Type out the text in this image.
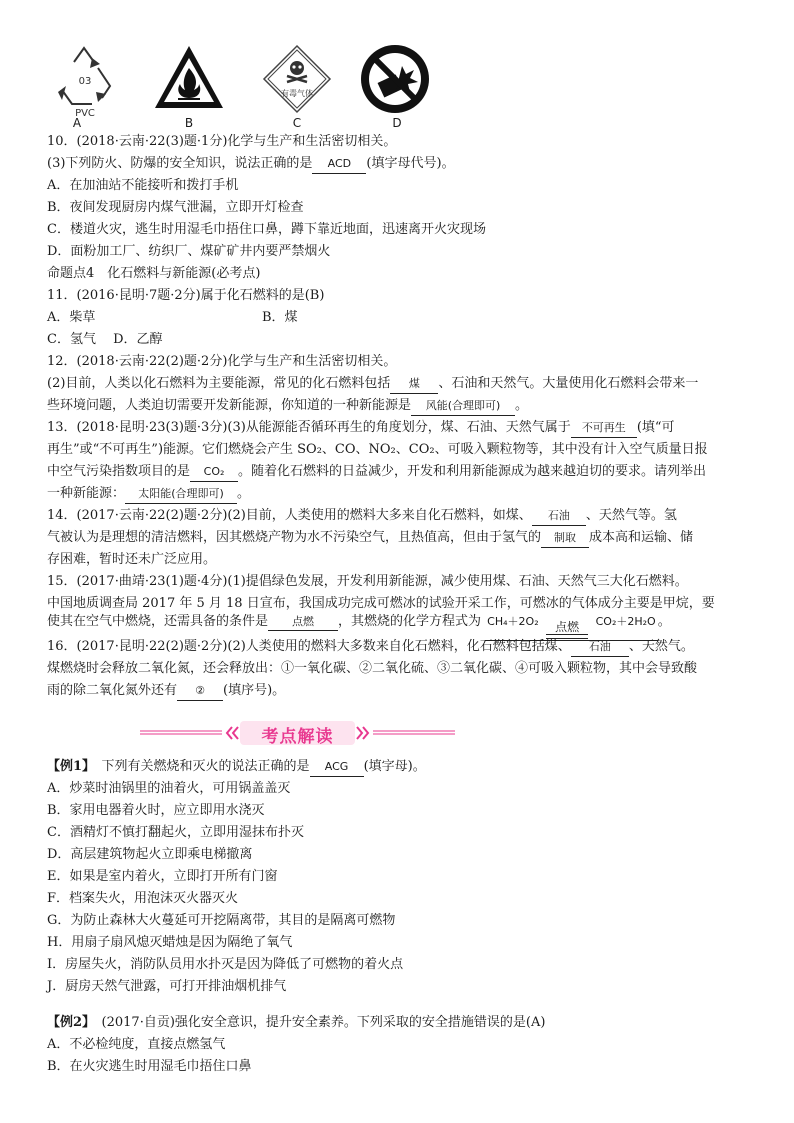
03
PVC
A	B
有毒气体
C	D
10．(2018·云南·22(3)题·1分)化学与生产和生活密切相关。
(3)下列防火、防爆的安全知识，说法正确的是 ACD (填字母代号)。
A．在加油站不能接听和拨打手机
B．夜间发现厨房内煤气泄漏，立即开灯检查
C．楼道火灾，逃生时用湿毛巾捂住口鼻，蹲下靠近地面，迅速离开火灾现场
D．面粉加工厂、纺织厂、煤矿矿井内要严禁烟火
命题点4　化石燃料与新能源(必考点)
11．(2016·昆明·7题·2分)属于化石燃料的是(B)
A．柴草	B．煤
C．氢气　 D．乙醇
12．(2018·云南·22(2)题·2分)化学与生产和生活密切相关。
(2)目前，人类以化石燃料为主要能源，常见的化石燃料包括 煤 、石油和天然气。大量使用化石燃料会带来一
些环境问题，人类迫切需要开发新能源，你知道的一种新能源是 风能(合理即可) 。
13．(2018·昆明·23(3)题·3分)(3)从能源能否循环再生的角度划分，煤、石油、天然气属于 不可再生 (填“可
再生”或“不可再生”)能源。它们燃烧会产生 SO₂、CO、NO₂、CO₂、可吸入颗粒物等，其中没有计入空气质量日报
中空气污染指数项目的是 CO₂ 。随着化石燃料的日益减少，开发和利用新能源成为越来越迫切的要求。请列举出
一种新能源： 太阳能(合理即可) 。
14．(2017·云南·22(2)题·2分)(2)目前，人类使用的燃料大多来自化石燃料，如煤、 石油 、天然气等。氢
气被认为是理想的清洁燃料，因其燃烧产物为水不污染空气，且热值高，但由于氢气的 制取 成本高和运输、储
存困难，暂时还未广泛应用。
15．(2017·曲靖·23(1)题·4分)(1)提倡绿色发展，开发利用新能源，减少使用煤、石油、天然气三大化石燃料。
中国地质调查局 2017 年 5 月 18 日宣布，我国成功完成可燃冰的试验开采工作，可燃冰的气体成分主要是甲烷，要
使其在空气中燃烧，还需具备的条件是 点燃 ，其燃烧的化学方程式为 CH₄＋2O₂	点燃	CO₂＋2H₂O 。
16．(2017·昆明·22(2)题·2分)(2)人类使用的燃料大多数来自化石燃料，化石燃料包括煤、 石油 、天然气。
煤燃烧时会释放二氧化氮，还会释放出：①一氧化碳、②二氧化硫、③二氧化碳、④可吸入颗粒物，其中会导致酸
雨的除二氧化氮外还有 ② (填序号)。
考点解读
【例1】　下列有关燃烧和灭火的说法正确的是 ACG (填字母)。
A．炒菜时油锅里的油着火，可用锅盖盖灭
B．家用电器着火时，应立即用水浇灭
C．酒精灯不慎打翻起火，立即用湿抹布扑灭
D．高层建筑物起火立即乘电梯撤离
E．如果是室内着火，立即打开所有门窗
F．档案失火，用泡沫灭火器灭火
G．为防止森林大火蔓延可开挖隔离带，其目的是隔离可燃物
H．用扇子扇风熄灭蜡烛是因为隔绝了氧气
I．房屋失火，消防队员用水扑灭是因为降低了可燃物的着火点
J．厨房天然气泄露，可打开排油烟机排气
【例2】　(2017·自贡)强化安全意识，提升安全素养。下列采取的安全措施错误的是(A)
A．不必检纯度，直接点燃氢气
B．在火灾逃生时用湿毛巾捂住口鼻
